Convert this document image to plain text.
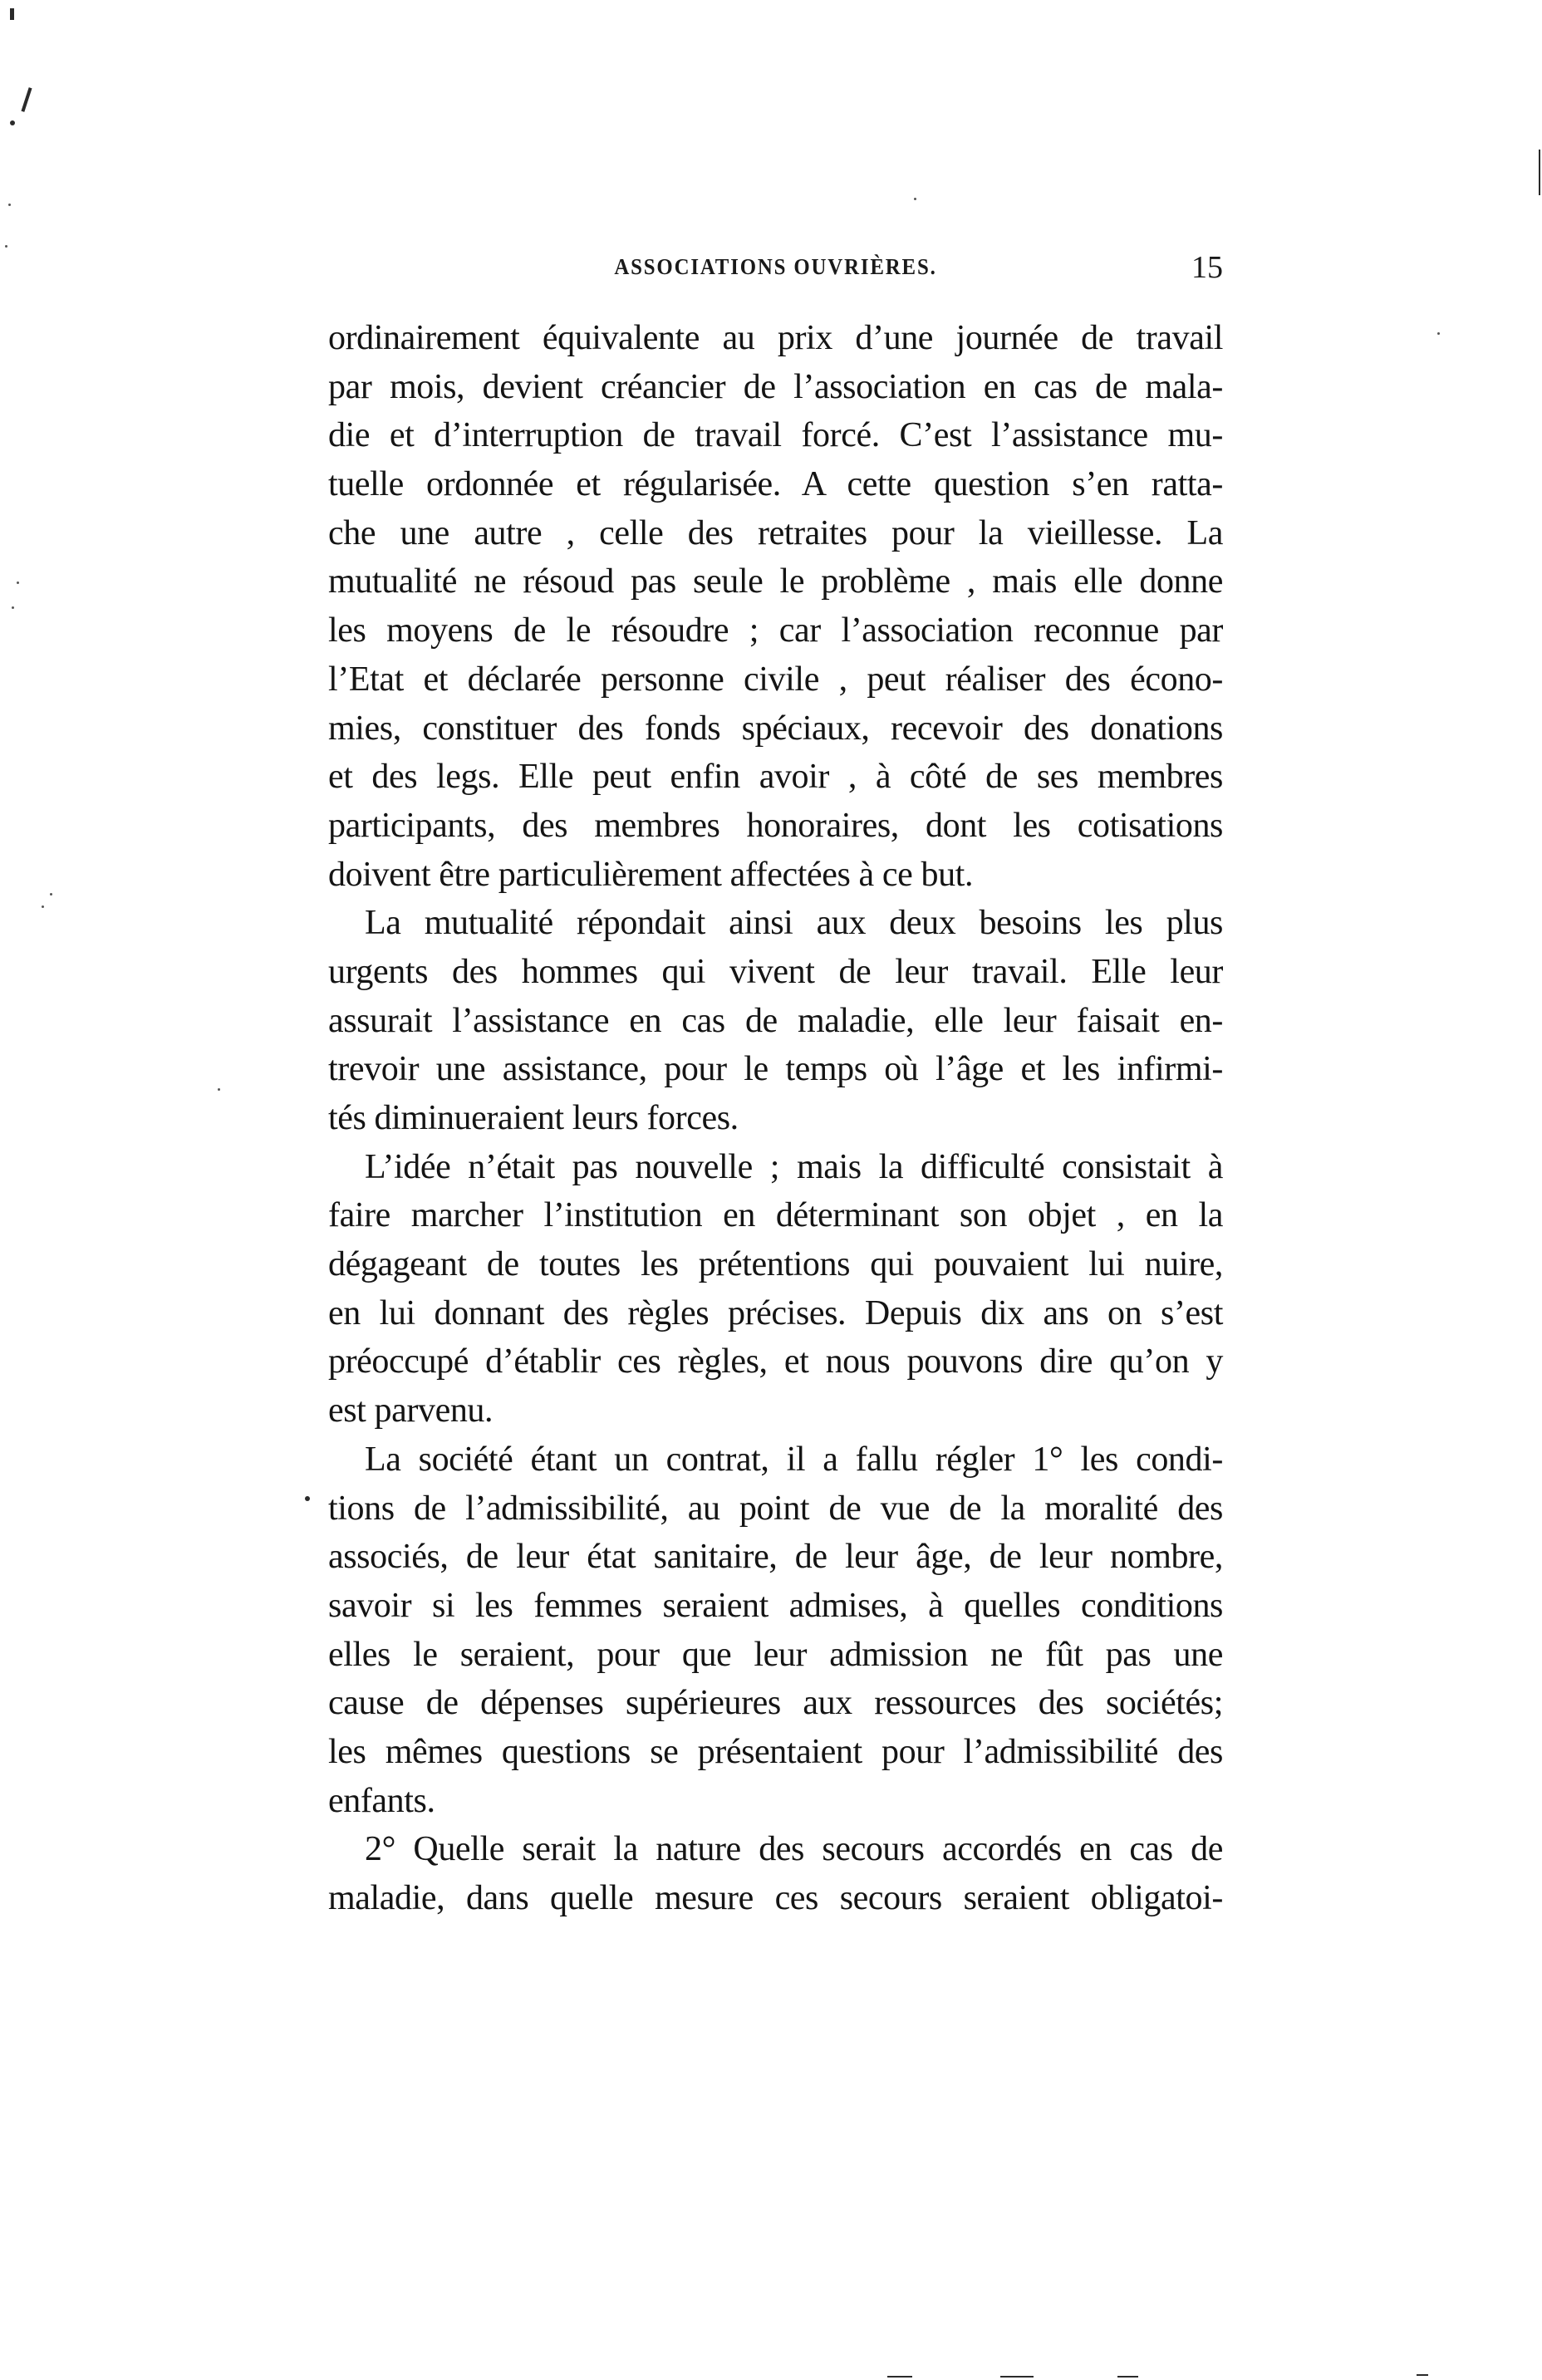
ASSOCIATIONS OUVRIÈRES.	15
ordinairement équivalente au prix d’une journée de travail
par mois, devient créancier de l’association en cas de mala-
die et d’interruption de travail forcé. C’est l’assistance mu-
tuelle ordonnée et régularisée. A cette question s’en ratta-
che une autre , celle des retraites pour la vieillesse. La
mutualité ne résoud pas seule le problème , mais elle donne
les moyens de le résoudre ; car l’association reconnue par
l’Etat et déclarée personne civile , peut réaliser des écono-
mies, constituer des fonds spéciaux, recevoir des donations
et des legs. Elle peut enfin avoir , à côté de ses membres
participants, des membres honoraires, dont les cotisations
doivent être particulièrement affectées à ce but.
La mutualité répondait ainsi aux deux besoins les plus
urgents des hommes qui vivent de leur travail. Elle leur
assurait l’assistance en cas de maladie, elle leur faisait en-
trevoir une assistance, pour le temps où l’âge et les infirmi-
tés diminueraient leurs forces.
L’idée n’était pas nouvelle ; mais la difficulté consistait à
faire marcher l’institution en déterminant son objet , en la
dégageant de toutes les prétentions qui pouvaient lui nuire,
en lui donnant des règles précises. Depuis dix ans on s’est
préoccupé d’établir ces règles, et nous pouvons dire qu’on y
est parvenu.
La société étant un contrat, il a fallu régler 1° les condi-
tions de l’admissibilité, au point de vue de la moralité des
associés, de leur état sanitaire, de leur âge, de leur nombre,
savoir si les femmes seraient admises, à quelles conditions
elles le seraient, pour que leur admission ne fût pas une
cause de dépenses supérieures aux ressources des sociétés;
les mêmes questions se présentaient pour l’admissibilité des
enfants.
2° Quelle serait la nature des secours accordés en cas de
maladie, dans quelle mesure ces secours seraient obligatoi-
